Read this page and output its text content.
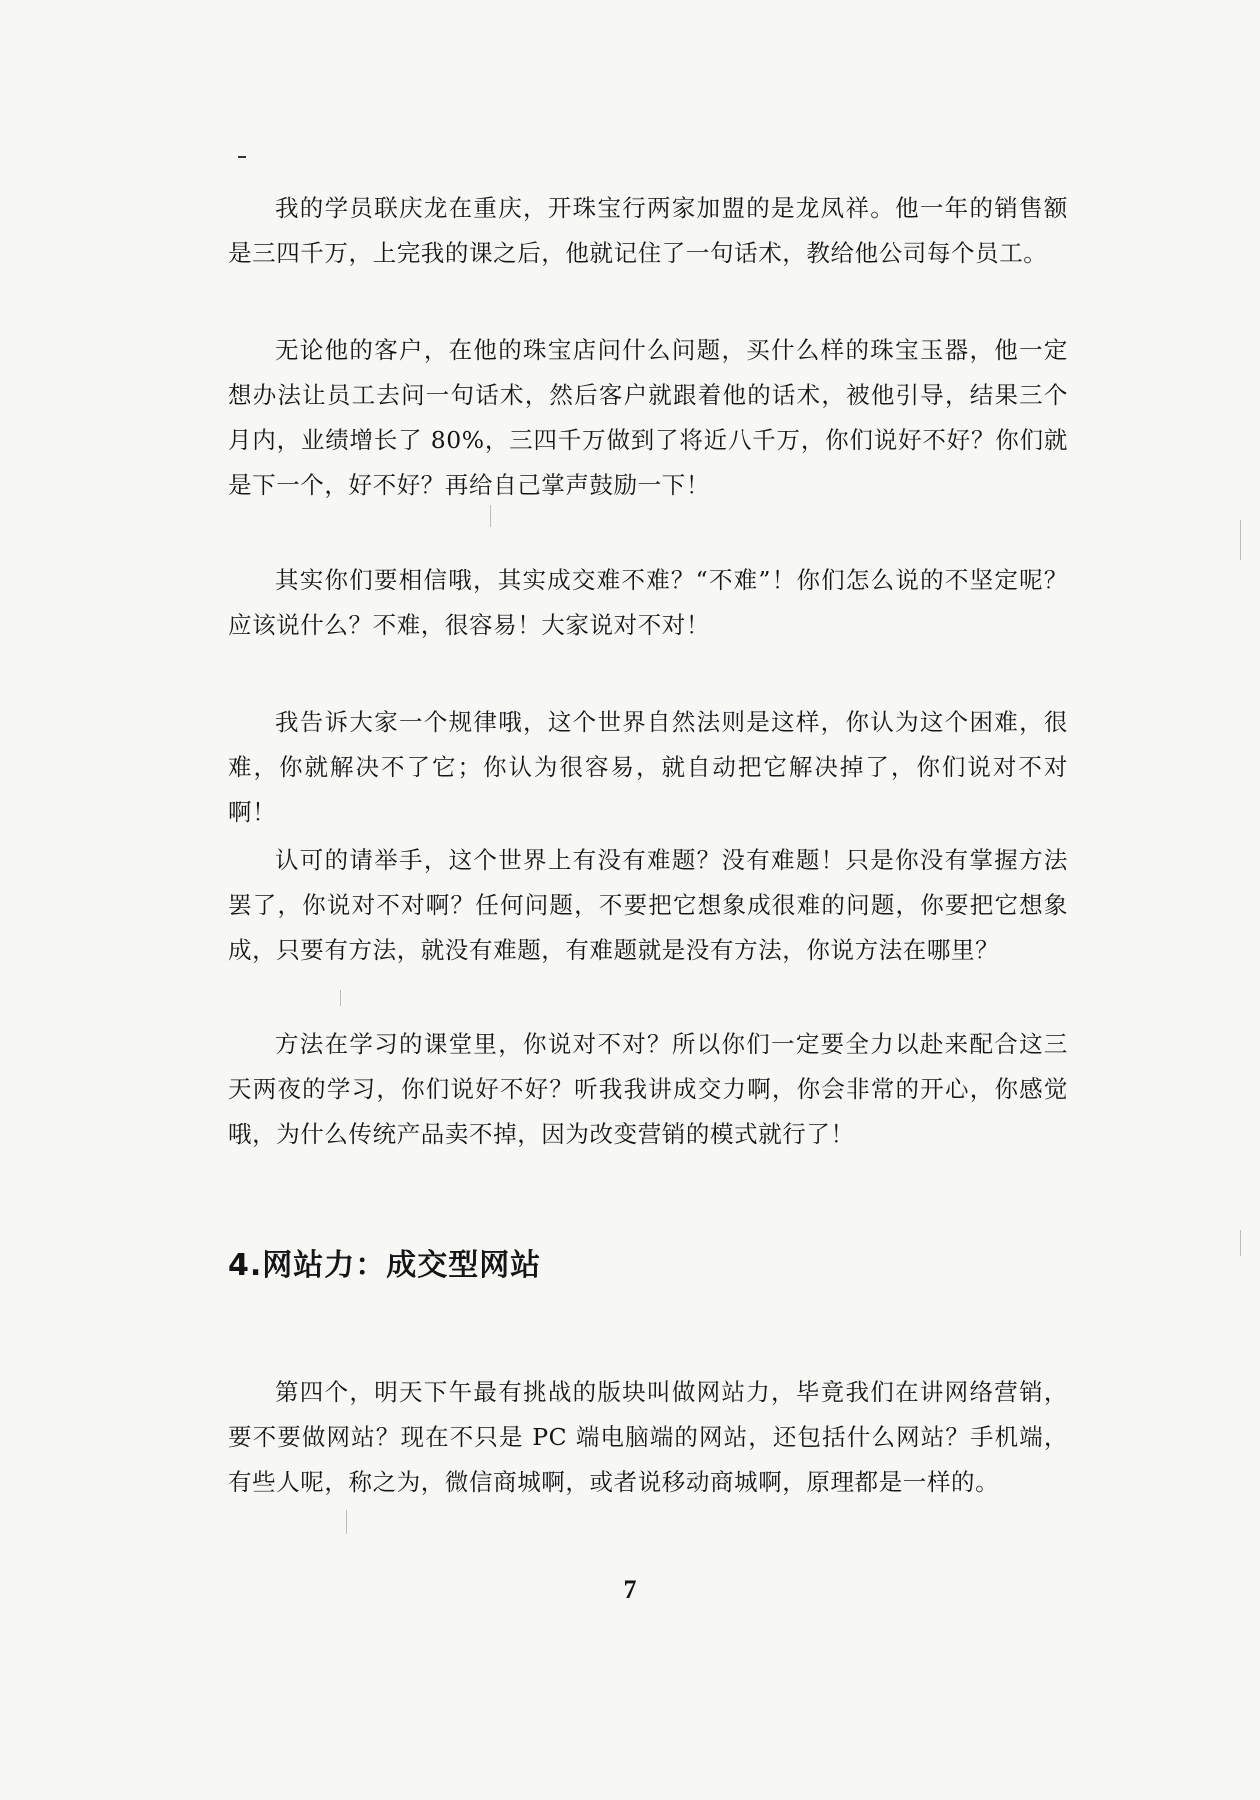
我的学员联庆龙在重庆，开珠宝行两家加盟的是龙凤祥。他一年的销售额是三四千万，上完我的课之后，他就记住了一句话术，教给他公司每个员工。

无论他的客户，在他的珠宝店问什么问题，买什么样的珠宝玉器，他一定想办法让员工去问一句话术，然后客户就跟着他的话术，被他引导，结果三个月内，业绩增长了 80%，三四千万做到了将近八千万，你们说好不好？你们就是下一个，好不好？再给自己掌声鼓励一下！

其实你们要相信哦，其实成交难不难？“不难”！你们怎么说的不坚定呢？应该说什么？不难，很容易！大家说对不对！

我告诉大家一个规律哦，这个世界自然法则是这样，你认为这个困难，很难，你就解决不了它；你认为很容易，就自动把它解决掉了，你们说对不对啊！

认可的请举手，这个世界上有没有难题？没有难题！只是你没有掌握方法罢了，你说对不对啊？任何问题，不要把它想象成很难的问题，你要把它想象成，只要有方法，就没有难题，有难题就是没有方法，你说方法在哪里？

方法在学习的课堂里，你说对不对？所以你们一定要全力以赴来配合这三天两夜的学习，你们说好不好？听我我讲成交力啊，你会非常的开心，你感觉哦，为什么传统产品卖不掉，因为改变营销的模式就行了！

4.网站力：成交型网站

第四个，明天下午最有挑战的版块叫做网站力，毕竟我们在讲网络营销，要不要做网站？现在不只是 PC 端电脑端的网站，还包括什么网站？手机端，有些人呢，称之为，微信商城啊，或者说移动商城啊，原理都是一样的。

7
